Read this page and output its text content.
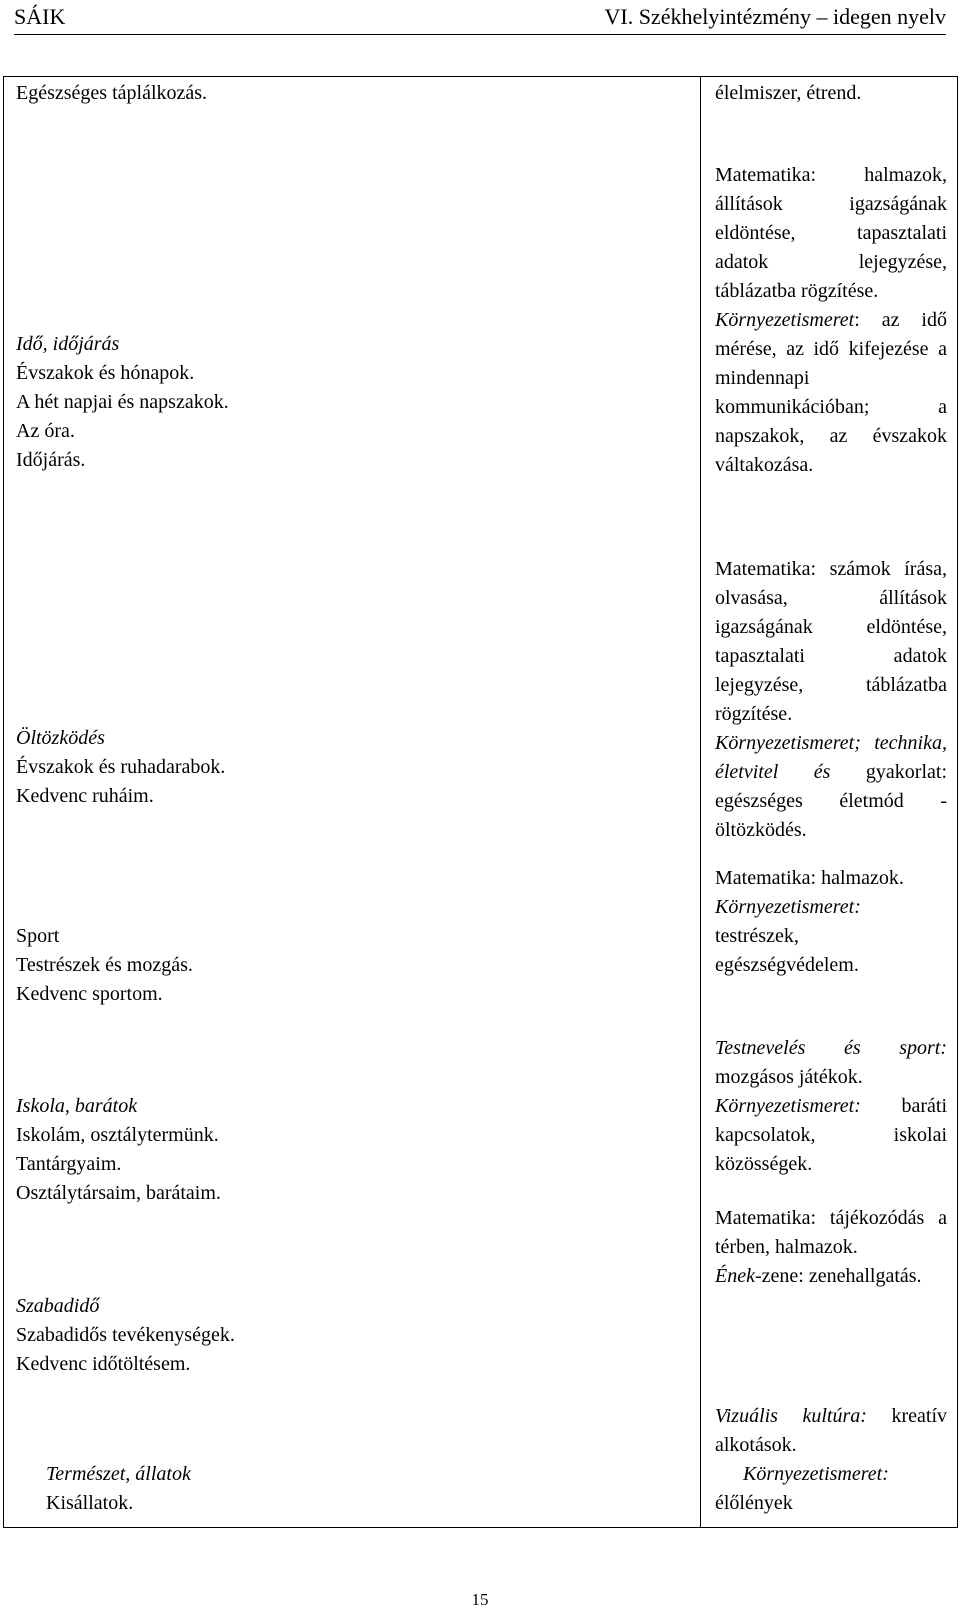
SÁIK	VI. Székhelyintézmény – idegen nyelv
Egészséges táplálkozás.	élelmiszer, étrend.

Idő, időjárás
Évszakok és hónapok.
A hét napjai és napszakok.
Az óra.
Időjárás.

Matematika: halmazok, állítások igazságának eldöntése, tapasztalati adatok lejegyzése, táblázatba rögzítése.

Környezetismeret: az idő mérése, az idő kifejezése a mindennapi kommunikációban; a napszakok, az évszakok váltakozása.

Öltözködés
Évszakok és ruhadarabok.
Kedvenc ruháim.

Matematika: számok írása, olvasása, állítások igazságának eldöntése, tapasztalati adatok lejegyzése, táblázatba rögzítése.

Környezetismeret; technika, életvitel és gyakorlat: egészséges életmód - öltözködés.

Sport
Testrészek és mozgás.
Kedvenc sportom.

Matematika: halmazok.

Környezetismeret: testrészek, egészségvédelem.

Iskola, barátok
Iskolám, osztálytermünk.
Tantárgyaim.
Osztálytársaim, barátaim.

Testnevelés és sport: mozgásos játékok.

Környezetismeret: baráti kapcsolatok, iskolai közösségek.

Szabadidő
Szabadidős tevékenységek.
Kedvenc időtöltésem.

Matematika: tájékozódás a térben, halmazok.

Ének-zene: zenehallgatás.

Természet, állatok
Kisállatok.

Vizuális kultúra: kreatív alkotások.

Környezetismeret: élőlények

15
